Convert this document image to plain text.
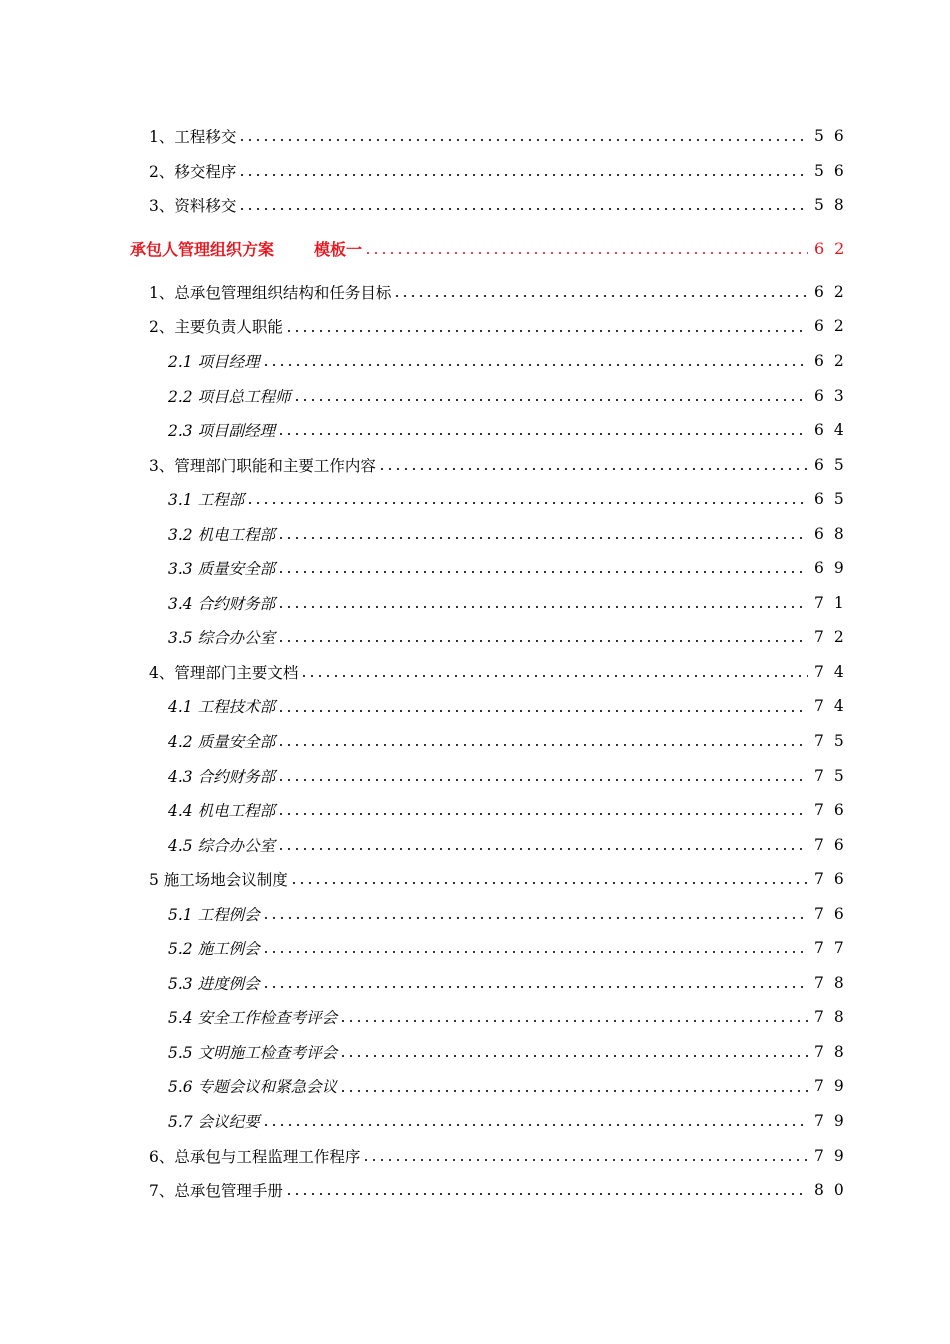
1、工程移交	56
2、移交程序	56
3、资料移交	58
承包人管理组织方案	模板一	62
1、总承包管理组织结构和任务目标	62
2、主要负责人职能	62
2.1 项目经理	62
2.2 项目总工程师	63
2.3 项目副经理	64
3、管理部门职能和主要工作内容	65
3.1 工程部	65
3.2 机电工程部	68
3.3 质量安全部	69
3.4 合约财务部	71
3.5 综合办公室	72
4、管理部门主要文档	74
4.1 工程技术部	74
4.2 质量安全部	75
4.3 合约财务部	75
4.4 机电工程部	76
4.5 综合办公室	76
5 施工场地会议制度	76
5.1 工程例会	76
5.2 施工例会	77
5.3 进度例会	78
5.4 安全工作检查考评会	78
5.5 文明施工检查考评会	78
5.6 专题会议和紧急会议	79
5.7 会议纪要	79
6、总承包与工程监理工作程序	79
7、总承包管理手册	80
